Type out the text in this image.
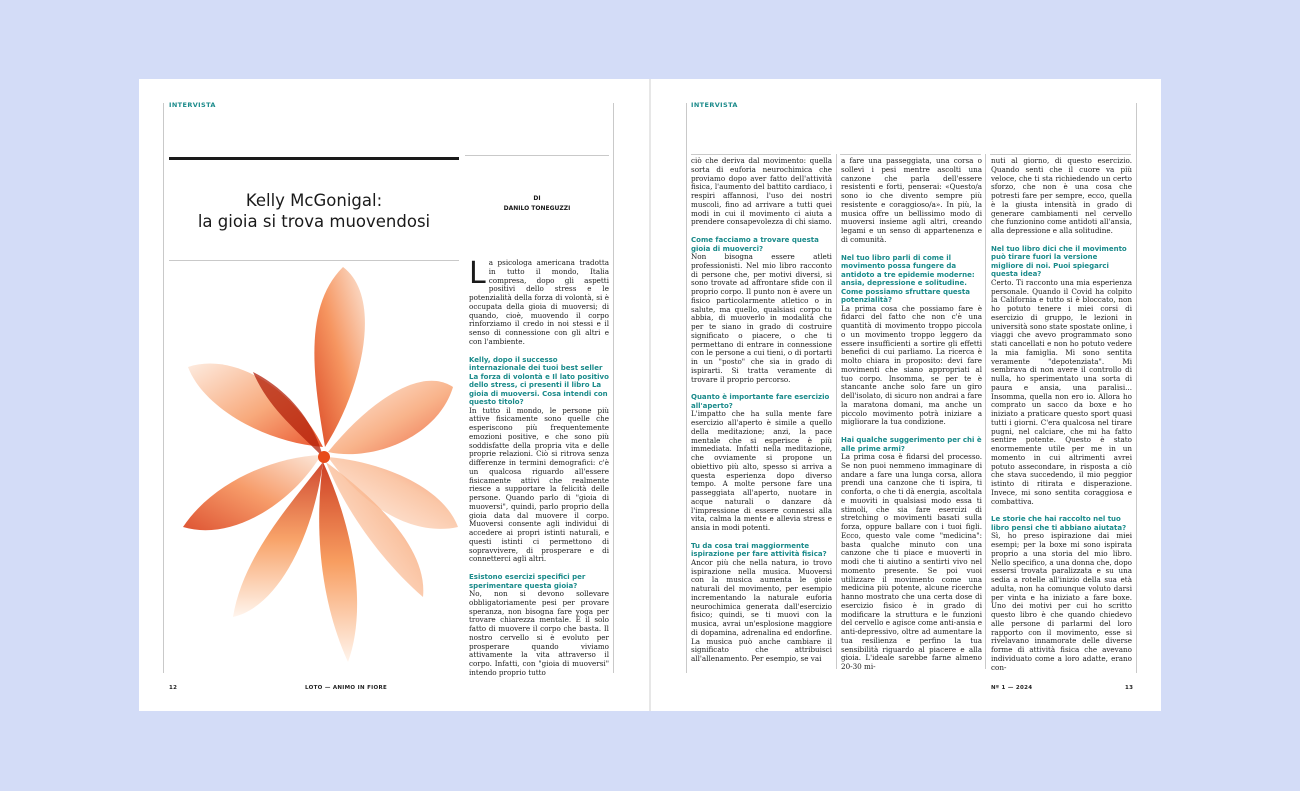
INTERVISTA
Kelly McGonigal:
la gioia si trova muovendosi
DI
DANILO TONEGUZZI

La psicologa americana tradotta in tutto il mondo, Italia compresa, dopo gli aspetti positivi dello stress e le potenzialità della forza di volontà, si è occupata della gioia di muoversi; di quando, cioè, muovendo il corpo rinforziamo il credo in noi stessi e il senso di connessione con gli altri e con l'ambiente.

Kelly, dopo il successo internazionale dei tuoi best seller La forza di volontà e Il lato positivo dello stress, ci presenti il libro La gioia di muoversi. Cosa intendi con questo titolo?

In tutto il mondo, le persone più attive fisicamente sono quelle che esperiscono più frequentemente emozioni positive, e che sono più soddisfatte della propria vita e delle proprie relazioni. Ciò si ritrova senza differenze in termini demografici: c'è un qualcosa riguardo all'essere fisicamente attivi che realmente riesce a supportare la felicità delle persone. Quando parlo di "gioia di muoversi", quindi, parlo proprio della gioia data dal muovere il corpo. Muoversi consente agli individui di accedere ai propri istinti naturali, e questi istinti ci permettono di sopravvivere, di prosperare e di connetterci agli altri.

Esistono esercizi specifici per sperimentare questa gioia?

No, non si devono sollevare obbligatoriamente pesi per provare speranza, non bisogna fare yoga per trovare chiarezza mentale. È il solo fatto di muovere il corpo che basta. Il nostro cervello si è evoluto per prosperare quando viviamo attivamente la vita attraverso il corpo. Infatti, con "gioia di muoversi" intendo proprio tutto

12	LOTO — ANIMO IN FIORE
INTERVISTA

ciò che deriva dal movimento: quella sorta di euforia neurochimica che proviamo dopo aver fatto dell'attività fisica, l'aumento del battito cardiaco, i respiri affannosi, l'uso dei nostri muscoli, fino ad arrivare a tutti quei modi in cui il movimento ci aiuta a prendere consapevolezza di chi siamo.

Come facciamo a trovare questa gioia di muoverci?

Non bisogna essere atleti professionisti. Nel mio libro racconto di persone che, per motivi diversi, si sono trovate ad affrontare sfide con il proprio corpo. Il punto non è avere un fisico particolarmente atletico o in salute, ma quello, qualsiasi corpo tu abbia, di muoverlo in modalità che per te siano in grado di costruire significato o piacere, o che ti permettano di entrare in connessione con le persone a cui tieni, o di portarti in un "posto" che sia in grado di ispirarti. Si tratta veramente di trovare il proprio percorso.

Quanto è importante fare esercizio all'aperto?

L'impatto che ha sulla mente fare esercizio all'aperto è simile a quello della meditazione; anzi, la pace mentale che si esperisce è più immediata. Infatti nella meditazione, che ovviamente si propone un obiettivo più alto, spesso si arriva a questa esperienza dopo diverso tempo. A molte persone fare una passeggiata all'aperto, nuotare in acque naturali o danzare dà l'impressione di essere connessi alla vita, calma la mente e allevia stress e ansia in modi potenti.

Tu da cosa trai maggiormente ispirazione per fare attività fisica?

Ancor più che nella natura, io trovo ispirazione nella musica. Muoversi con la musica aumenta le gioie naturali del movimento, per esempio incrementando la naturale euforia neurochimica generata dall'esercizio fisico; quindi, se ti muovi con la musica, avrai un'esplosione maggiore di dopamina, adrenalina ed endorfine. La musica può anche cambiare il significato che attribuisci all'allenamento. Per esempio, se vai

a fare una passeggiata, una corsa o sollevi i pesi mentre ascolti una canzone che parla dell'essere resistenti e forti, penserai: «Questo/a sono io che divento sempre più resistente e coraggioso/a». In più, la musica offre un bellissimo modo di muoversi insieme agli altri, creando legami e un senso di appartenenza e di comunità.

Nel tuo libro parli di come il movimento possa fungere da antidoto a tre epidemie moderne: ansia, depressione e solitudine. Come possiamo sfruttare questa potenzialità?

La prima cosa che possiamo fare è fidarci del fatto che non c'è una quantità di movimento troppo piccola o un movimento troppo leggero da essere insufficienti a sortire gli effetti benefici di cui parliamo. La ricerca è molto chiara in proposito: devi fare movimenti che siano appropriati al tuo corpo. Insomma, se per te è stancante anche solo fare un giro dell'isolato, di sicuro non andrai a fare la maratona domani, ma anche un piccolo movimento potrà iniziare a migliorare la tua condizione.

Hai qualche suggerimento per chi è alle prime armi?

La prima cosa è fidarsi del processo. Se non puoi nemmeno immaginare di andare a fare una lunga corsa, allora prendi una canzone che ti ispira, ti conforta, o che ti dà energia, ascoltala e muoviti in qualsiasi modo essa ti stimoli, che sia fare esercizi di stretching o movimenti basati sulla forza, oppure ballare con i tuoi figli. Ecco, questo vale come "medicina": basta qualche minuto con una canzone che ti piace e muoverti in modi che ti aiutino a sentirti vivo nel momento presente. Se poi vuoi utilizzare il movimento come una medicina più potente, alcune ricerche hanno mostrato che una certa dose di esercizio fisico è in grado di modificare la struttura e le funzioni del cervello e agisce come anti-ansia e anti-depressivo, oltre ad aumentare la tua resilienza e perfino la tua sensibilità riguardo al piacere e alla gioia. L'ideale sarebbe farne almeno 20-30 mi-

nuti al giorno, di questo esercizio. Quando senti che il cuore va più veloce, che ti sta richiedendo un certo sforzo, che non è una cosa che potresti fare per sempre, ecco, quella è la giusta intensità in grado di generare cambiamenti nel cervello che funzionino come antidoti all'ansia, alla depressione e alla solitudine.

Nel tuo libro dici che il movimento può tirare fuori la versione migliore di noi. Puoi spiegarci questa idea?

Certo. Ti racconto una mia esperienza personale. Quando il Covid ha colpito la California e tutto si è bloccato, non ho potuto tenere i miei corsi di esercizio di gruppo, le lezioni in università sono state spostate online, i viaggi che avevo programmato sono stati cancellati e non ho potuto vedere la mia famiglia. Mi sono sentita veramente "depotenziata". Mi sembrava di non avere il controllo di nulla, ho sperimentato una sorta di paura e ansia, una paralisi... Insomma, quella non ero io. Allora ho comprato un sacco da boxe e ho iniziato a praticare questo sport quasi tutti i giorni. C'era qualcosa nel tirare pugni, nel calciare, che mi ha fatto sentire potente. Questo è stato enormemente utile per me in un momento in cui altrimenti avrei potuto assecondare, in risposta a ciò che stava succedendo, il mio peggior istinto di ritirata e disperazione. Invece, mi sono sentita coraggiosa e combattiva.

Le storie che hai raccolto nel tuo libro pensi che ti abbiano aiutata?

Sì, ho preso ispirazione dai miei esempi; per la boxe mi sono ispirata proprio a una storia del mio libro. Nello specifico, a una donna che, dopo essersi trovata paralizzata e su una sedia a rotelle all'inizio della sua età adulta, non ha comunque voluto darsi per vinta e ha iniziato a fare boxe. Uno dei motivi per cui ho scritto questo libro è che quando chiedevo alle persone di parlarmi del loro rapporto con il movimento, esse si rivelavano innamorate delle diverse forme di attività fisica che avevano individuato come a loro adatte, erano con-

Nº 1 — 2024	13
